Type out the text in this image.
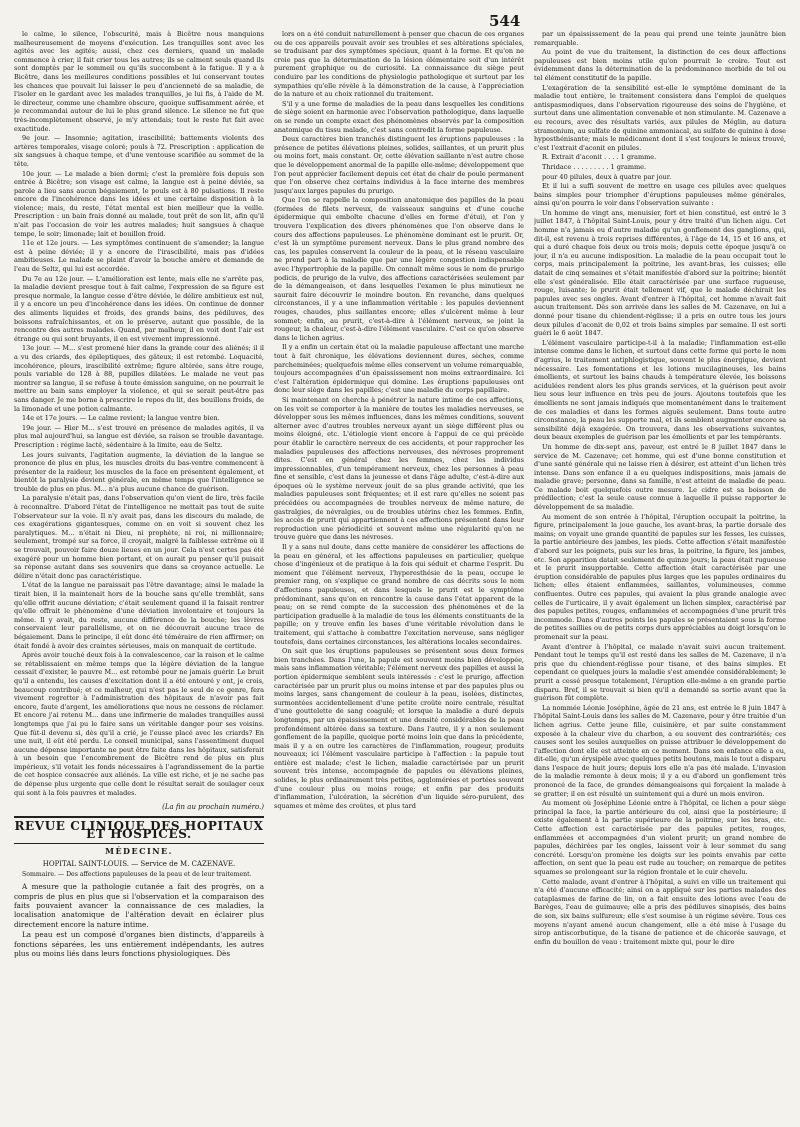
544

le calme, le silence, l'obscurité, mais à Bicêtre nous manquions malheureusement de moyens d'exécution. Les tranquilles sont avec les agités avec les agités; aussi, chez ces derniers, quand un malade commence à crier, il fait crier tous les autres; ils se calment seuls quand ils sont domptés par le sommeil ou qu'ils succombent à la fatigue. Il y a à Bicêtre, dans les meilleures conditions possibles et lui conservant toutes les chances que pouvait lui laisser le peu d'ancienneté de sa maladie, de l'isoler en le gardant avec les malades tranquilles, je lui fis, à l'aide de M. le directeur, comme une chambre obscure, quoique suffisamment aérée, et je recommandai autour de lui le plus grand silence. Le silence ne fut que très-incomplètement observé, je m'y attendais; tout le reste fut fait avec exactitude.

9e jour. — Insomnie; agitation, irascibilité; battements violents des artères temporales, visage coloré; pouls à 72. Prescription : application de six sangsues à chaque tempe, et d'une ventouse scarifiée au sommet de la tête.

10e jour. — Le malade a bien dormi; c'est la première fois depuis son entrée à Bicêtre; son visage est calme, la langue est à peine déviée, sa parole a lieu sans aucun bégaiement, le pouls est à 80 pulsations. Il reste encore de l'incohérence dans les idées et une certaine disposition à la violence; mais, du reste, l'état mental est bien meilleur que la veille. Prescription : un bain frais donné au malade, tout prêt de son lit, afin qu'il n'ait pas l'occasion de voir les autres malades; huit sangsues à chaque tempe, le soir; limonade; lait et bouillon froid.

11e et 12e jours. — Les symptômes continuent de s'amender; la langue est à peine déviée; il y a encore de l'irascibilité, mais pas d'idées ambitieuses. Le malade se plaint d'avoir la bouche amère et demande de l'eau de Seltz, qui lui est accordée.

Du 7e au 12e jour. — L'amélioration est lente, mais elle ne s'arrête pas, la maladie devient presque tout à fait calme, l'expression de sa figure est presque normale, la langue cesse d'être déviée, le délire ambitieux est nul, il y a encore un peu d'incohérence dans les idées. On continue de donner des aliments liquides et froids, des grands bains, des pédiluves, des boissons rafraîchissantes, et on le préserve, autant que possible, de la rencontre des autres malades. Quand, par malheur, il en voit dont l'air est étrange ou qui sont bruyants, il en est vivement impressionné.

13e jour. — M... s'est promené hier dans la grande cour des aliénés; il il a vu des criards, des épileptiques, des gâteux; il est retombé. Loquacité, incohérence, pleurs, irascibilité extrême; figure altérée, sans être rouge, pouls variable de 128 à 88, pupilles dilatées. Le malade ne veut pas montrer sa langue, il se refuse à toute émission sanguine, on ne pourrait le mettre au bain sans employer la violence, et qui se serait peut-être pas sans danger. Je me borne à prescrire le repos du lit, des bouillons froids, de la limonade et une potion calmante.

14e et 17e jours. — Le calme revient; la langue ventre bien.

19e jour. — Hier M... s'est trouvé en présence de malades agités, il va plus mal aujourd'hui, sa langue est déviée, sa raison se trouble davantage. Prescription : régime lacté, sédentaire à la limite, eau de Seltz.

Les jours suivants, l'agitation augmente, la déviation de la langue se prononce de plus en plus, les muscles droits du bas-ventre commencent à présenter de la raideur, les muscles de la face en présentent également, et bientôt la paralysie devient générale, en même temps que l'intelligence se trouble de plus en plus. M... n'a plus aucune chance de guérison.

La paralysie n'était pas, dans l'observation qu'on vient de lire, très facile à reconnaître. D'abord l'état de l'intelligence ne mettait pas tout de suite l'observateur sur la voie. Il n'y avait pas, dans les discours du malade, de ces exagérations gigantesques, comme on en voit si souvent chez les paralytiques. M... n'était ni Dieu, ni prophète, ni roi, ni millionnaire; seulement, trompé sur sa force, il croyait, malgré la faiblesse extrême où il se trouvait, pouvoir faire douze lieues en un jour. Cela n'est certes pas été exagéré pour un homme bien portant, et on aurait pu penser qu'il puisait sa réponse autant dans ses souvenirs que dans sa croyance actuelle. Le délire n'était donc pas caractéristique.

L'état de la langue ne paraissait pas l'être davantage; ainsi le malade la tirait bien, il la maintenait hors de la bouche sans qu'elle tremblât, sans qu'elle offrit aucune déviation; c'était seulement quand il la faisait rentrer qu'elle offrait le phénomène d'une déviation involontaire et toujours la même. Il y avait, du reste, aucune différence de la bouche; les lèvres conservaient leur parallélisme, et on ne découvrait aucune trace de bégaiement. Dans le principe, il eût donc été téméraire de rien affirmer; on était fondé à avoir des craintes sérieuses, mais on manquait de certitude.

Après avoir touché deux fois à la convalescence, car la raison et le calme se rétablissaient en même temps que la légère déviation de la langue cessait d'exister, le pauvre M... est retombé pour ne jamais guérir. Le bruit qu'il a entendu, les causes d'excitation dont il a été entouré y ont, je crois, beaucoup contribué; et ce malheur, qui n'est pas le seul de ce genre, fera vivement regretter à l'administration des hôpitaux de n'avoir pas fait encore, faute d'argent, les améliorations que nous ne cessons de réclamer. Et encore j'ai retenu M... dans une infirmerie de malades tranquilles aussi longtemps que j'ai pu le faire sans un véritable danger pour ses voisins. Que fût-il devenu si, dès qu'il a crié, je l'eusse placé avec les criards? En une nuit, il eût été perdu. Le conseil municipal, sans l'assentiment duquel aucune dépense importante ne peut être faite dans les hôpitaux, satisferait à un besoin que l'encombrement de Bicêtre rend de plus en plus impérieux, s'il votait les fonds nécessaires à l'agrandissement de la partie de cet hospice consacrée aux aliénés. La ville est riche, et je ne sache pas de dépense plus urgente que celle dont le résultat serait de soulager ceux qui sont à la fois pauvres et malades.

(La fin au prochain numéro.)
REVUE CLINIQUE DES HOPITAUX ET HOSPICES.
MÉDECINE.
HOPITAL SAINT-LOUIS. — Service de M. CAZENAVE.
Sommaire. — Des affections papuleuses de la peau et de leur traitement.

A mesure que la pathologie cutanée a fait des progrès, on a compris de plus en plus que si l'observation et la comparaison des faits pouvaient avancer la connaissance de ces maladies, la localisation anatomique de l'altération devait en éclairer plus directement encore la nature intime.

La peau est un composé d'organes bien distincts, d'appareils à fonctions séparées, les uns entièrement indépendants, les autres plus ou moins liés dans leurs fonctions physiologiques. Dès

lors on a été conduit naturellement à penser que chacun de ces organes ou de ces appareils pouvait avoir ses troubles et ses altérations spéciales, se traduisant par des symptômes spéciaux, quant à la forme. Et qu'on ne croie pas que la détermination de la lésion élémentaire soit d'un intérêt purement graphique ou de curiosité. La connaissance du siège peut conduire par les conditions de physiologie pathologique et surtout par les sympathies qu'elle révèle à la démonstration de la cause, à l'appréciation de la nature et au choix rationnel du traitement.

S'il y a une forme de maladies de la peau dans lesquelles les conditions de siège soient en harmonie avec l'observation pathologique, dans laquelle on se rende un compte exact des phénomènes observés par la composition anatomique du tissu malade, c'est sans contredit la forme papuleuse.

Deux caractères bien tranchés distinguent les éruptions papuleuses : la présence de petites élévations pleines, solides, saillantes, et un prurit plus ou moins fort, mais constant. Or, cette élévation saillante n'est autre chose que le développement anormal de la papille elle-même; développement que l'on peut apprécier facilement depuis cet état de chair de poule permanent que l'on observe chez certains individus à la face interne des membres jusqu'aux larges papules du prurigo.

Que l'on se rappelle la composition anatomique des papilles de la peau (formées de filets nerveux, de vaisseaux sanguins et d'une couche épidermique qui embolte chacune d'elles en forme d'étui), et l'on y trouvera l'explication des divers phénomènes que l'on observe dans le cours des affections papuleuses. Le phénomène dominant est le prurit. Or, c'est là un symptôme purement nerveux. Dans le plus grand nombre des cas, les papules conservent la couleur de la peau, et le réseau vasculaire ne prend part à la maladie que par une légère congestion indispensable avec l'hypertrophie de la papille. On connaît même sous le nom de prurigo podicis, de prurigo de la vulve, des affections caractérisées seulement par de la démangeaison, et dans lesquelles l'examen le plus minutieux ne saurait faire découvrir le moindre bouton. En revanche, dans quelques circonstances, il y a une inflammation véritable : les papules deviennent rouges, chaudes, plus saillantes encore; elles s'ulcèrent même à leur sommet; enfin, au prurit, c'est-à-dire à l'élément nerveux, se joint la rougeur, la chaleur, c'est-à-dire l'élément vasculaire. C'est ce qu'on observe dans le lichen agrius.

Il y a enfin un certain état où la maladie papuleuse affectant une marche tout à fait chronique, les élévations deviennent dures, sèches, comme parcheminées; quelquefois même elles conservent un volume remarquable, toujours accompagnées d'un épaississement non moins extraordinaire. Ici c'est l'altération épidermique qui domine. Les éruptions papuleuses ont donc leur siège dans les papilles; c'est une maladie du corps papillaire.

Si maintenant on cherche à pénétrer la nature intime de ces affections, on les voit se comporter à la manière de toutes les maladies nerveuses, se développer sous les mêmes influences, dans les mêmes conditions, souvent alterner avec d'autres troubles nerveux ayant un siège différent plus ou moins éloigné, etc. L'étiologie vient encore à l'appui de ce qui précède pour établir le caractère nerveux de ces accidents, et pour rapprocher les maladies papuleuses des affections nerveuses, des névroses proprement dites. C'est en général chez les femmes, chez les individus impressionnables, d'un tempérament nerveux, chez les personnes à peau fine et sensible, c'est dans la jeunesse et dans l'âge adulte, c'est-à-dire aux époques où le système nerveux jouit de sa plus grande activité, que les maladies papuleuses sont fréquentes; et il est rare qu'elles ne soient pas précédées ou accompagnées de troubles nerveux de même nature, de gastralgies, de névralgies, ou de troubles utérins chez les femmes. Enfin, les accès de prurit qui appartiennent à ces affections présentent dans leur reproduction une périodicité et souvent même une régularité qu'on ne trouve guère que dans les névroses.

Il y a sans nul doute, dans cette manière de considérer les affections de la peau en général, et les affections papuleuses en particulier, quelque chose d'ingénieux et de pratique à la fois qui séduit et charme l'esprit. Du moment que l'élément nerveux, l'hyperesthésie de la peau, occupe le premier rang, on s'explique ce grand nombre de cas décrits sous le nom d'affections papuleuses, et dans lesquels le prurit est le symptôme prédominant, sans qu'on en rencontre la cause dans l'état apparent de la peau; on se rend compte de la succession des phénomènes et de la participation graduelle à la maladie de tous les éléments constituants de la papille; on y trouve enfin les bases d'une véritable révolution dans le traitement, qui s'attache à combattre l'excitation nerveuse, sans négliger toutefois, dans certaines circonstances, les altérations locales secondaires.

On sait que les éruptions papuleuses se présentent sous deux formes bien tranchées. Dans l'une, la papule est souvent moins bien développée, mais sans inflammation véritable; l'élément nerveux des papilles et aussi la portion épidermique semblent seuls intéressés : c'est le prurigo, affection caractérisée par un prurit plus ou moins intense et par des papules plus ou moins larges, sans changement de couleur à la peau, isolées, distinctes, surmontées accidentellement d'une petite croûte noire centrale, résultat d'une gouttelette de sang coagulé; et lorsque la maladie a duré depuis longtemps, par un épaississement et une densité considérables de la peau profondément altérée dans sa texture. Dans l'autre, il y a non seulement gonflement de la papille, quoique porté moins loin que dans la précédente, mais il y a en outre les caractères de l'inflammation, rougeur, produits nouveaux; ici l'élément vasculaire participe à l'affection : la papule tout entière est malade; c'est le lichen, maladie caractérisée par un prurit souvent très intense, accompagnée de papules ou élévations pleines, solides, le plus ordinairement très petites, agglomérées et portées souvent d'une couleur plus ou moins rouge; et enfin par des produits d'inflammation, l'ulcération, la sécrétion d'un liquide séro-purulent, des squames et même des croûtes, et plus tard

par un épaississement de la peau qui prend une teinte jaunâtre bien remarquable.

Au point de vue du traitement, la distinction de ces deux affections papuleuses est bien moins utile qu'on pourrait le croire. Tout est évidemment dans la détermination de la prédominance morbide de tel ou tel élément constitutif de la papille.

L'exagération de la sensibilité est-elle le symptôme dominant de la maladie tout entière, le traitement consistera dans l'emploi de quelques antispasmodiques, dans l'observation rigoureuse des soins de l'hygiène, et surtout dans une alimentation convenable et non stimulante. M. Cazenave a eu recours, avec des résultats variés, aux pilules de Méglin, au datura stramonium, au sulfate de quinine ammoniacal, au sulfate de quinine à dose hyposthénisante; mais le médicament dont il s'est toujours le mieux trouvé, c'est l'extrait d'aconit en pilules.

R. Extrait d'aconit . . . . 1 gramme.

Thridace . . . . . . . . . 1 gramme.

pour 40 pilules, deux à quatre par jour.

Et il lui a suffi souvent de mettre en usage ces pilules avec quelques bains simples pour triompher d'éruptions papuleuses même générales, ainsi qu'on pourra le voir dans l'observation suivante :

Un homme de vingt ans, menuisier, fort et bien constitué, est entré le 3 juillet 1847, à l'hôpital Saint-Louis, pour y être traité d'un lichen aigu. Cet homme n'a jamais eu d'autre maladie qu'un gonflement des ganglions, qui, dit-il, est revenu à trois reprises différentes, à l'âge de 14, 15 et 16 ans, et qui a duré chaque fois deux ou trois mois; depuis cette époque jusqu'à ce jour, il n'a eu aucune indisposition. La maladie de la peau occupait tout le corps, mais principalement la poitrine, les avant-bras, les cuisses; elle datait de cinq semaines et s'était manifestée d'abord sur la poitrine; bientôt elle s'est généralisée. Elle était caractérisée par une surface rugueuse, rouge, luisante; le prurit était tellement vif, que le malade déchirait les papules avec ses ongles. Avant d'entrer à l'hôpital, cet homme n'avait fait aucun traitement. Dès son arrivée dans les salles de M. Cazenave, on lui a donné pour tisane du chiendent-réglisse; il a pris en outre tous les jours deux pilules d'aconit de 0,02 et trois bains simples par semaine. Il est sorti guéri le 6 août 1847.

L'élément vasculaire participe-t-il à la maladie; l'inflammation est-elle intense comme dans le lichen, et surtout dans cette forme qui porte le nom d'agrius, le traitement antiphlogistique, souvent le plus énergique, devient nécessaire. Les fomentations et les lotions mucilagineuses, les bains émollients, et surtout les bains chauds à température élevée, les boissons acidulées rendent alors les plus grands services, et la guérison peut avoir lieu sous leur influence en très peu de jours. Ajoutons toutefois que les émollients ne sont jamais indiqués que momentanément dans le traitement de ces maladies et dans les formes aiguës seulement. Dans toute autre circonstance, la peau les supporte mal, et ils semblent augmenter encore sa sensibilité déjà exagérée. On trouvera, dans les observations suivantes, deux beaux exemples de guérison par les émollients et par les tempérants.

Un homme de dix-sept ans, paveur, est entré le 8 juillet 1847 dans le service de M. Cazenave; cet homme, qui est d'une bonne constitution et d'une santé générale qui ne laisse rien à désirer, est atteint d'un lichen très intense. Dans son enfance il a eu quelques indispositions, mais jamais de maladie grave; personne, dans sa famille, n'est atteint de maladie de peau. Ce malade boit quelquefois outre mesure. Le cidre est sa boisson de prédilection; c'est la seule cause connue à laquelle il puisse rapporter le développement de sa maladie.

Au moment de son entrée à l'hôpital, l'éruption occupait la poitrine, la figure, principalement la joue gauche, les avant-bras, la partie dorsale des mains; on voyait une grande quantité de papules sur les fesses, les cuisses, la partie antérieure des jambes, les pieds. Cette affection s'était manifestée d'abord sur les poignets, puis sur les bras, la poitrine, la figure, les jambes, etc. Son apparition datait seulement de quinze jours; la peau était rugueuse et le prurit insupportable. Cette affection était caractérisée par une éruption considérable de papules plus larges que les papules ordinaires du lichen; elles étaient enflammées, saillantes, volumineuses, comme confluentes. Outre ces papules, qui avaient la plus grande analogie avec celles de l'urticaire, il y avait également un lichen simplex, caractérisé par des papules petites, rouges, enflammées et accompagnées d'une prurit très incommode. Dans d'autres points les papules se présentaient sous la forme de petites saillies ou de petits corps durs appréciables au doigt lorsqu'on le promenait sur la peau.

Avant d'entrer à l'hôpital, ce malade n'avait suivi aucun traitement. Pendant tout le temps qu'il est resté dans les salles de M. Cazenave, il n'a pris que du chiendent-réglisse pour tisane, et des bains simples. Et cependant ce quelques jours la maladie s'est amendée considérablement; le prurit a cessé presque totalement, l'éruption elle-même a en grande partie disparu. Bref, il se trouvait si bien qu'il a demandé sa sortie avant que la guérison fût complète.

La nommée Léonie Joséphine, âgée de 21 ans, est entrée le 8 juin 1847 à l'hôpital Saint-Louis dans les salles de M. Cazenave, pour y être traitée d'un lichen agrius. Cette jeune fille, cuisinière, et par suite constamment exposée à la chaleur vive du charbon, a eu souvent des contrariétés; ces causes sont les seules auxquelles on puisse attribuer le développement de l'affection dont elle est atteinte en ce moment. Dans son enfance elle a eu, dit-elle, qu'un érysipèle avec quelques petits boutons, mais le tout a disparu dans l'espace de huit jours; depuis lors elle n'a pas été malade. L'invasion de la maladie remonte à deux mois; il y a eu d'abord un gonflement très prononcé de la face, de grandes démangeaisons qui forçaient la malade à se gratter; il en est résulté un suintement qui a duré un mois environ.

Au moment où Joséphine Léonie entre à l'hôpital, ce lichen a pour siège principal la face, la partie antérieure du col, ainsi que la postérieure; il existe également à la partie supérieure de la poitrine, sur les bras, etc. Cette affection est caractérisée par des papules petites, rouges, enflammées et accompagnées d'un violent prurit; un grand nombre de papules, déchirées par les ongles, laissent voir à leur sommet du sang concrété. Lorsqu'on promène les doigts sur les points envahis par cette affection, on sent que la peau est rude au toucher; on remarque de petites squames se prolongeant sur la région frontale et le cuir chevelu.

Cette malade, avant d'entrer à l'hôpital, a suivi en ville un traitement qui n'a été d'aucune efficacité; ainsi on a appliqué sur les parties malades des cataplasmes de farine de lin, on a fait ensuite des lotions avec l'eau de Barèges, l'eau de guimauve; elle a pris des pédiluves sinapisés, des bains de son, six bains sulfureux; elle s'est soumise à un régime sévère. Tous ces moyens n'ayant amené aucun changement, elle a été mise à l'usage du sirop antiscorbutique, de la tisane de patience et de chicorée sauvage, et enfin du bouillon de veau : traitement mixte qui, pour le dire
